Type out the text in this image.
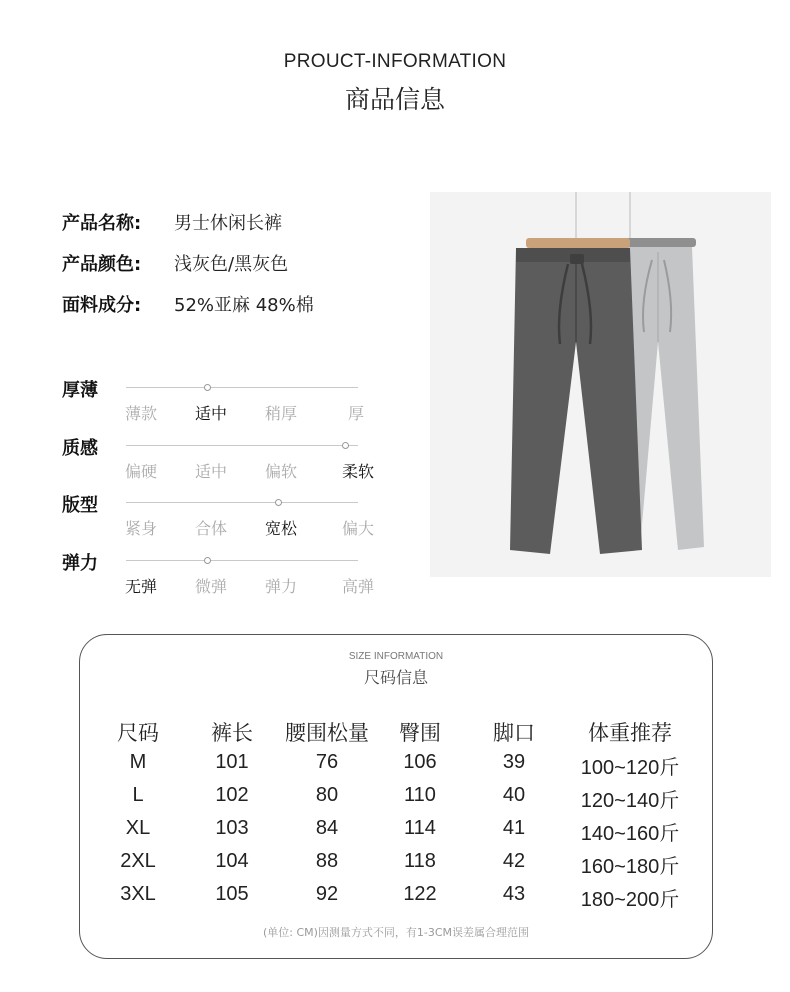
PROUCT-INFORMATION
商品信息
产品名称:	男士休闲长裤
产品颜色:	浅灰色/黑灰色
面料成分:	52%亚麻 48%棉
厚薄
薄款	适中	稍厚	厚
质感
偏硬	适中	偏软	柔软
版型
紧身	合体	宽松	偏大
弹力
无弹	微弹	弹力	高弹
SIZE INFORMATION
尺码信息
尺码	裤长	腰围松量	臀围	脚口	体重推荐
M	101	76	106	39	100~120斤
L	102	80	110	40	120~140斤
XL	103	84	114	41	140~160斤
2XL	104	88	118	42	160~180斤
3XL	105	92	122	43	180~200斤
(单位: CM)因测量方式不同，有1-3CM误差属合理范围
